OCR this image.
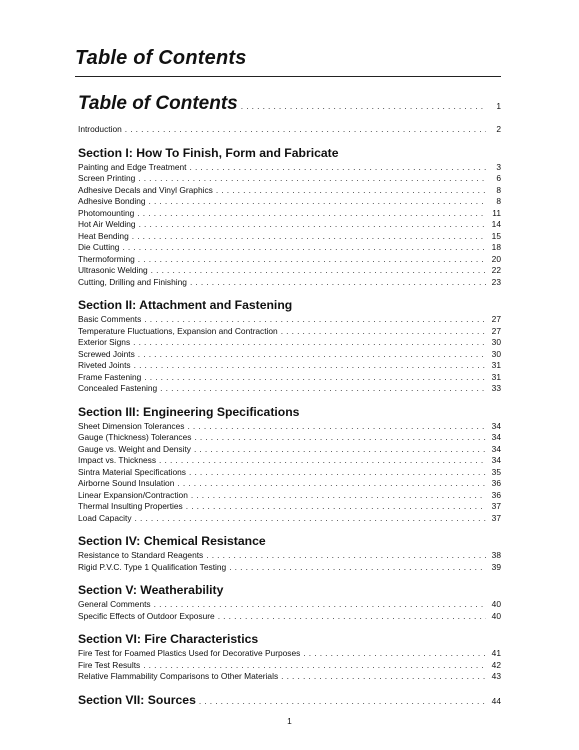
Table of Contents
Table of Contents . . .	1
Introduction . . .	2
Section I: How To Finish, Form and Fabricate
Painting and Edge Treatment . . .	3
Screen Printing . . .	6
Adhesive Decals and Vinyl Graphics . . .	8
Adhesive Bonding . . .	8
Photomounting . . .	11
Hot Air Welding . . .	14
Heat Bending . . .	15
Die Cutting . . .	18
Thermoforming . . .	20
Ultrasonic Welding . . .	22
Cutting, Drilling and Finishing . . .	23
Section II: Attachment and Fastening
Basic Comments . . .	27
Temperature Fluctuations, Expansion and Contraction . . .	27
Exterior Signs . . .	30
Screwed Joints . . .	30
Riveted Joints . . .	31
Frame Fastening . . .	31
Concealed Fastening . . .	33
Section III: Engineering Specifications
Sheet Dimension Tolerances . . .	34
Gauge (Thickness) Tolerances . . .	34
Gauge vs. Weight and Density . . .	34
Impact vs. Thickness . . .	34
Sintra Material Specifications . . .	35
Airborne Sound Insulation . . .	36
Linear Expansion/Contraction . . .	36
Thermal Insulting Properties . . .	37
Load Capacity . . .	37
Section IV: Chemical Resistance
Resistance to Standard Reagents . . .	38
Rigid P.V.C. Type 1 Qualification Testing . . .	39
Section V: Weatherability
General Comments . . .	40
Specific Effects of Outdoor Exposure . . .	40
Section VI: Fire Characteristics
Fire Test for Foamed Plastics Used for Decorative Purposes . . .	41
Fire Test Results . . .	42
Relative Flammability Comparisons to Other Materials . . .	43
Section VII: Sources . . .	44
1
